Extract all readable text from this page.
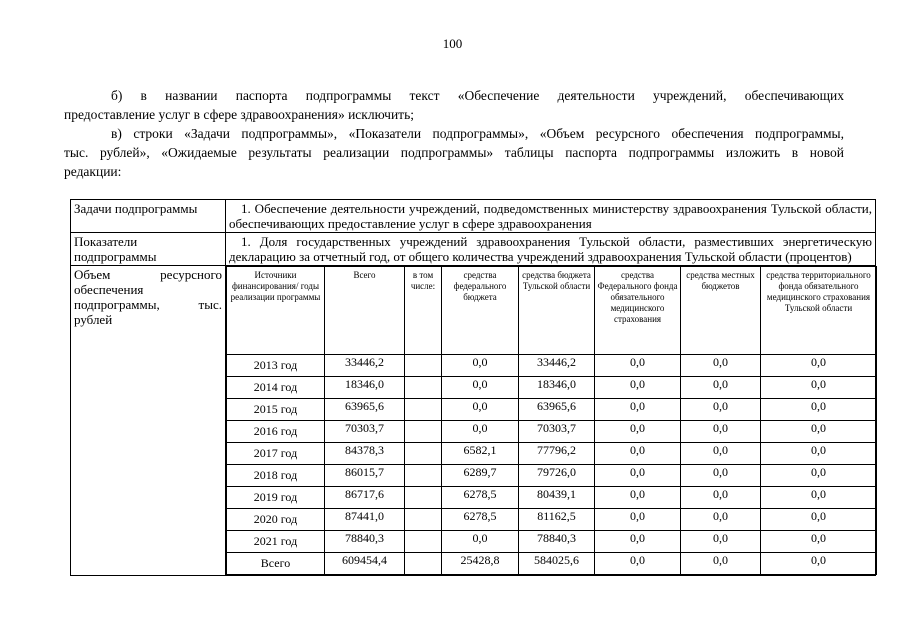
100
б) в названии паспорта подпрограммы текст «Обеспечение деятельности учреждений, обеспечивающих
предоставление услуг в сфере здравоохранения» исключить;
в) строки «Задачи подпрограммы», «Показатели подпрограммы», «Объем ресурсного обеспечения подпрограммы,
тыс. рублей», «Ожидаемые результаты реализации подпрограммы» таблицы паспорта подпрограммы изложить в новой
редакции:
Задачи подпрограммы	1. Обеспечение деятельности учреждений, подведомственных министерству здравоохранения Тульской области, обеспечивающих предоставление услуг в сфере здравоохранения
Показатели подпрограммы	1. Доля государственных учреждений здравоохранения Тульской области, разместивших энергетическую декларацию за отчетный год, от общего количества учреждений здравоохранения Тульской области (процентов)
Объем ресурсного обеспечения подпрограммы, тыс. рублей	
Источники финансирования/ годы реализации программы	Всего	в том числе:	средства федерального бюджета	средства бюджета Тульской области	средства Федерального фонда обязательного медицинского страхования	средства местных бюджетов	средства территориального фонда обязательного медицинского страхования Тульской области
2013 год	33446,2		0,0	33446,2	0,0	0,0	0,0
2014 год	18346,0		0,0	18346,0	0,0	0,0	0,0
2015 год	63965,6		0,0	63965,6	0,0	0,0	0,0
2016 год	70303,7		0,0	70303,7	0,0	0,0	0,0
2017 год	84378,3		6582,1	77796,2	0,0	0,0	0,0
2018 год	86015,7		6289,7	79726,0	0,0	0,0	0,0
2019 год	86717,6		6278,5	80439,1	0,0	0,0	0,0
2020 год	87441,0		6278,5	81162,5	0,0	0,0	0,0
2021 год	78840,3		0,0	78840,3	0,0	0,0	0,0
Всего	609454,4		25428,8	584025,6	0,0	0,0	0,0
